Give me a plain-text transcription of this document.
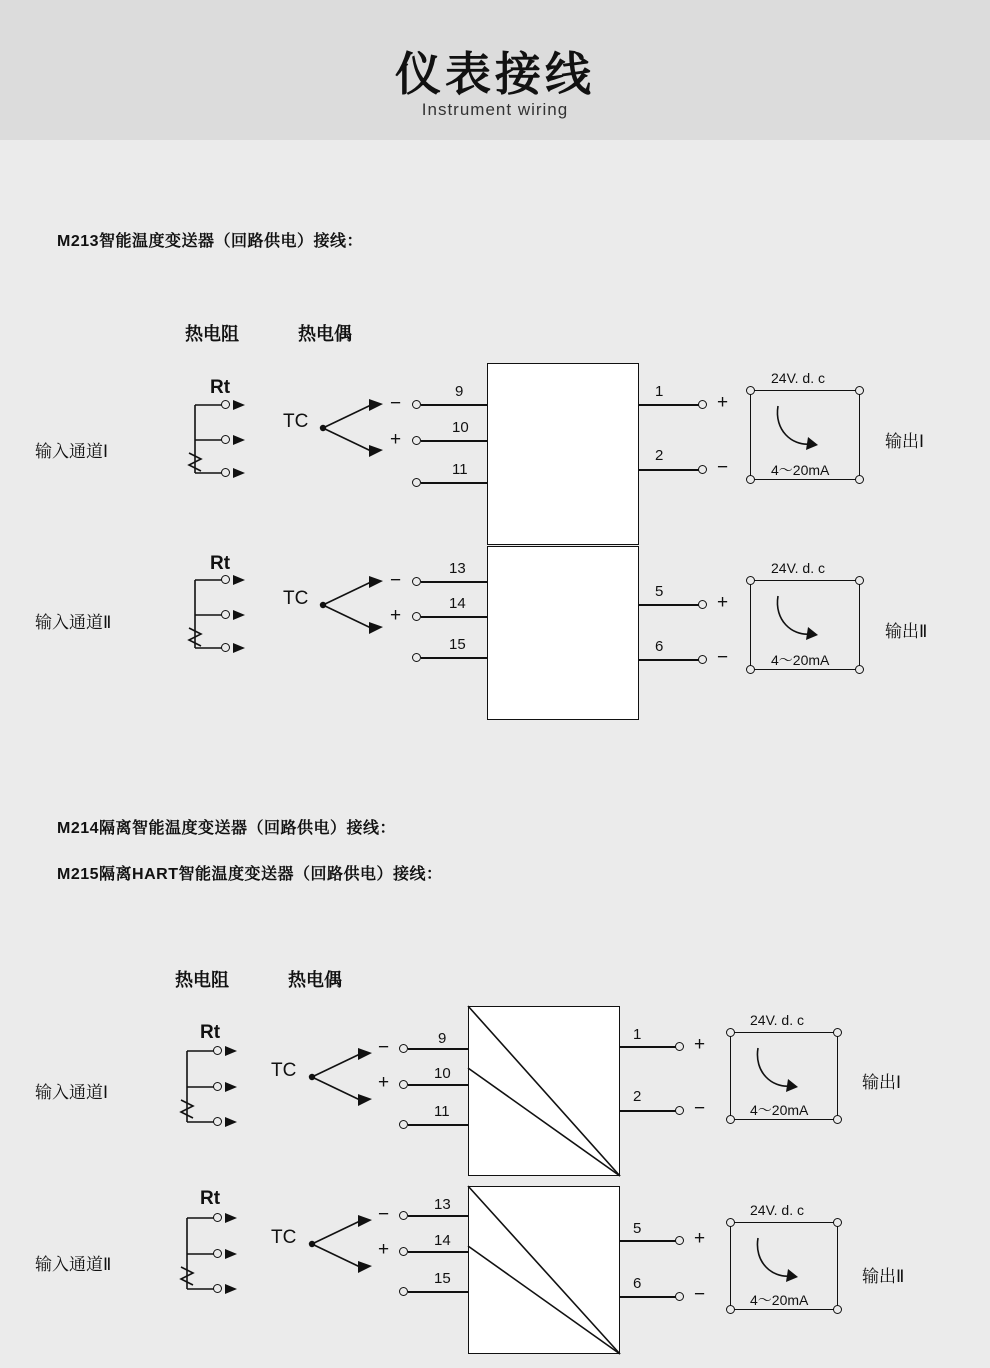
仪表接线
Instrument wiring
M213智能温度变送器（回路供电）接线：
热电阻	热电偶
输入通道Ⅰ
Rt
TC
−
+
9
10
11
1
+
2
−
24V. d. c
4～20mA
输出Ⅰ
输入通道Ⅱ
Rt
TC
−
+
13
14
15
5
+
6
−
24V. d. c
4～20mA
输出Ⅱ
M214隔离智能温度变送器（回路供电）接线：
M215隔离HART智能温度变送器（回路供电）接线：
热电阻	热电偶
输入通道Ⅰ
Rt
TC
−
+
9
10
11
1	+
2
−
24V. d. c
4～20mA
输出Ⅰ
输入通道Ⅱ
Rt
TC
−
+
13
14
15
5	+
6
−
24V. d. c
4～20mA
输出Ⅱ
